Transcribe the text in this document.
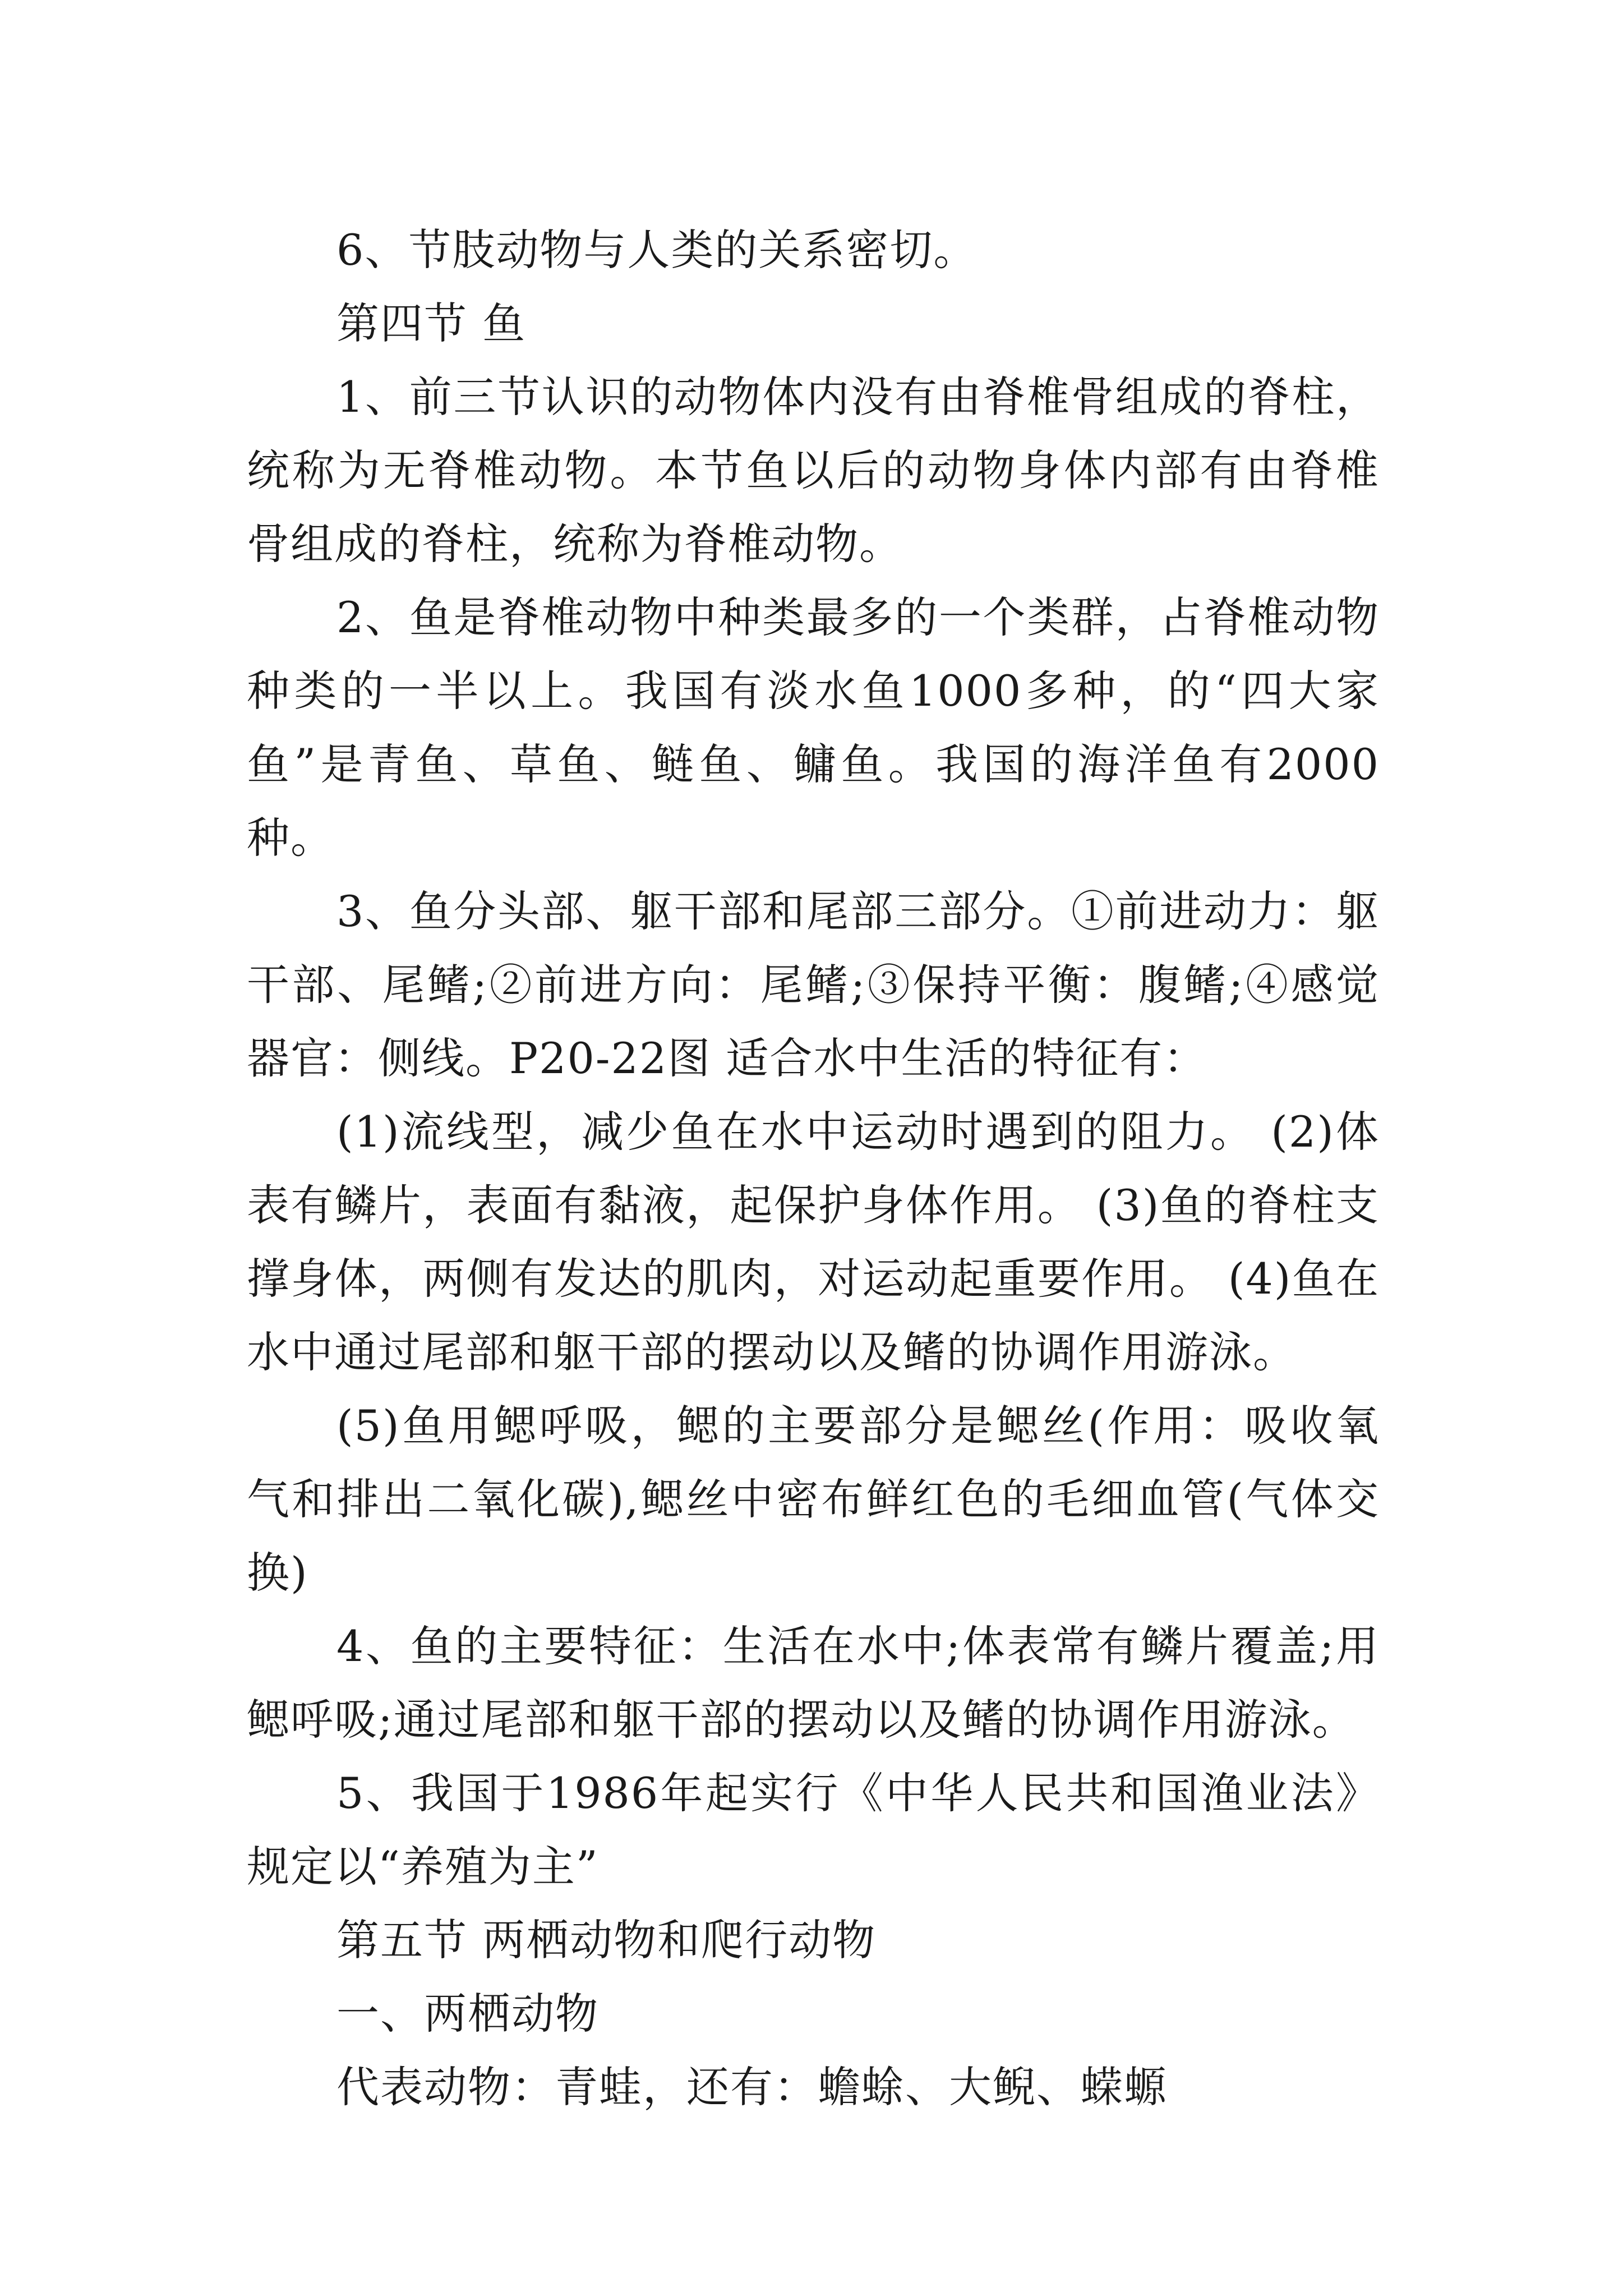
6、节肢动物与人类的关系密切。

第四节 鱼

1、前三节认识的动物体内没有由脊椎骨组成的脊柱，统称为无脊椎动物。本节鱼以后的动物身体内部有由脊椎骨组成的脊柱，统称为脊椎动物。

2、鱼是脊椎动物中种类最多的一个类群，占脊椎动物种类的一半以上。我国有淡水鱼1000多种，的“四大家鱼”是青鱼、草鱼、鲢鱼、鳙鱼。我国的海洋鱼有2000种。

3、鱼分头部、躯干部和尾部三部分。①前进动力：躯干部、尾鳍;②前进方向：尾鳍;③保持平衡：腹鳍;④感觉器官：侧线。P20-22图 适合水中生活的特征有：

(1)流线型，减少鱼在水中运动时遇到的阻力。 (2)体表有鳞片，表面有黏液，起保护身体作用。 (3)鱼的脊柱支撑身体，两侧有发达的肌肉，对运动起重要作用。 (4)鱼在水中通过尾部和躯干部的摆动以及鳍的协调作用游泳。

(5)鱼用鳃呼吸，鳃的主要部分是鳃丝(作用：吸收氧气和排出二氧化碳),鳃丝中密布鲜红色的毛细血管(气体交换)

4、鱼的主要特征：生活在水中;体表常有鳞片覆盖;用鳃呼吸;通过尾部和躯干部的摆动以及鳍的协调作用游泳。

5、我国于1986年起实行《中华人民共和国渔业法》规定以“养殖为主”

第五节 两栖动物和爬行动物

一、两栖动物

代表动物：青蛙，还有：蟾蜍、大鲵、蝾螈
